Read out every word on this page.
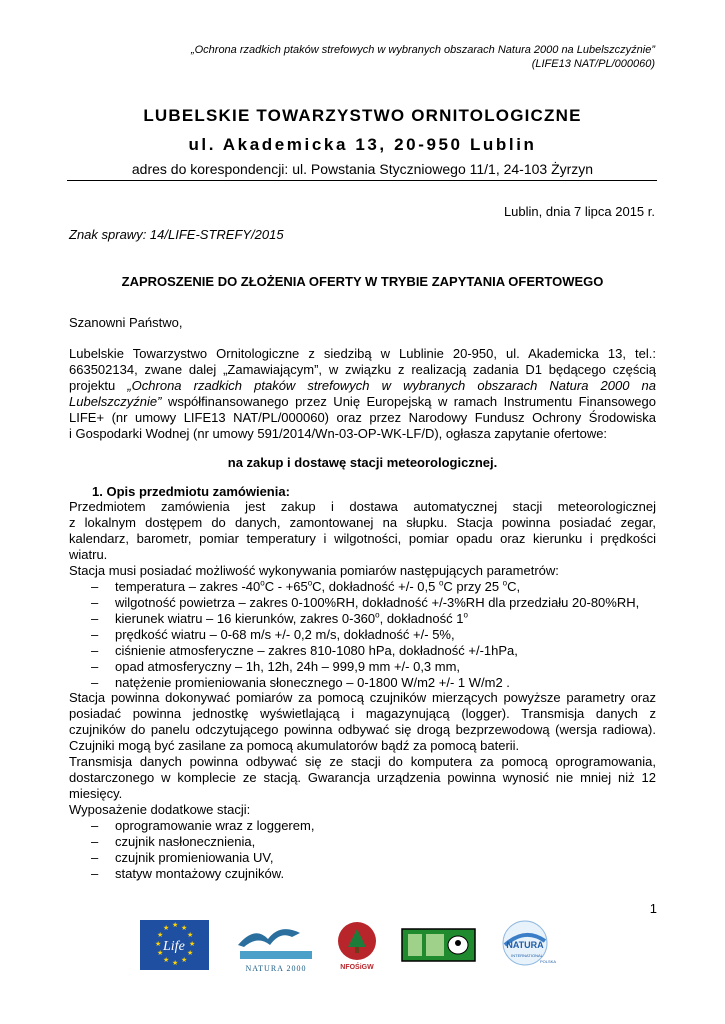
„Ochrona rzadkich ptaków strefowych w wybranych obszarach Natura 2000 na Lubelszczyźnie”
(LIFE13 NAT/PL/000060)
LUBELSKIE TOWARZYSTWO ORNITOLOGICZNE
ul. Akademicka 13, 20-950 Lublin
adres do korespondencji: ul. Powstania Styczniowego 11/1, 24-103 Żyrzyn
Lublin, dnia 7 lipca 2015 r.
Znak sprawy: 14/LIFE-STREFY/2015
ZAPROSZENIE DO ZŁOŻENIA OFERTY W TRYBIE ZAPYTANIA OFERTOWEGO
Szanowni Państwo,
Lubelskie Towarzystwo Ornitologiczne z siedzibą w Lublinie 20-950, ul. Akademicka 13, tel.:
663502134, zwane dalej „Zamawiającym”, w związku z realizacją zadania D1 będącego częścią
projektu „Ochrona rzadkich ptaków strefowych w wybranych obszarach Natura 2000 na
Lubelszczyźnie” współfinansowanego przez Unię Europejską w ramach Instrumentu Finansowego
LIFE+ (nr umowy LIFE13 NAT/PL/000060) oraz przez Narodowy Fundusz Ochrony Środowiska
i Gospodarki Wodnej (nr umowy 591/2014/Wn-03-OP-WK-LF/D), ogłasza zapytanie ofertowe:
na zakup i dostawę stacji meteorologicznej.
1. Opis przedmiotu zamówienia:
Przedmiotem zamówienia jest zakup i dostawa automatycznej stacji meteorologicznej
z lokalnym dostępem do danych, zamontowanej na słupku. Stacja powinna posiadać zegar,
kalendarz, barometr, pomiar temperatury i wilgotności, pomiar opadu oraz kierunku i prędkości
wiatru.
Stacja musi posiadać możliwość wykonywania pomiarów następujących parametrów:
– temperatura – zakres $-40^oC - +65^oC$, dokładność +/- 0,5 $^o$C przy 25 $^o$C,
– wilgotność powietrza – zakres 0-100%RH, dokładność +/-3%RH dla przedziału 20-80%RH,
– kierunek wiatru – 16 kierunków, zakres 0-360$^o$, dokładność 1$^o$
– prędkość wiatru – 0-68 m/s +/- 0,2 m/s, dokładność +/- 5%,
– ciśnienie atmosferyczne – zakres 810-1080 hPa, dokładność +/-1hPa,
– opad atmosferyczny – 1h, 12h, 24h – 999,9 mm +/- 0,3 mm,
– natężenie promieniowania słonecznego – 0-1800 W/m2 +/- 1 W/m2 .
Stacja powinna dokonywać pomiarów za pomocą czujników mierzących powyższe parametry oraz
posiadać powinna jednostkę wyświetlającą i magazynującą (logger). Transmisja danych z
czujników do panelu odczytującego powinna odbywać się drogą bezprzewodową (wersja radiowa).
Czujniki mogą być zasilane za pomocą akumulatorów bądź za pomocą baterii.
Transmisja danych powinna odbywać się ze stacji do komputera za pomocą oprogramowania,
dostarczonego w komplecie ze stacją. Gwarancja urządzenia powinna wynosić nie mniej niż 12
miesięcy.
Wyposażenie dodatkowe stacji:
– oprogramowanie wraz z loggerem,
– czujnik nasłonecznienia,
– czujnik promieniowania UV,
– statyw montażowy czujników.
1
★ ★
★
★
★
★
★
★
★
★
★
★
Life
NATURA 2000	NFOŚiGW
NATURA
INTERNATIONAL
POLSKA
